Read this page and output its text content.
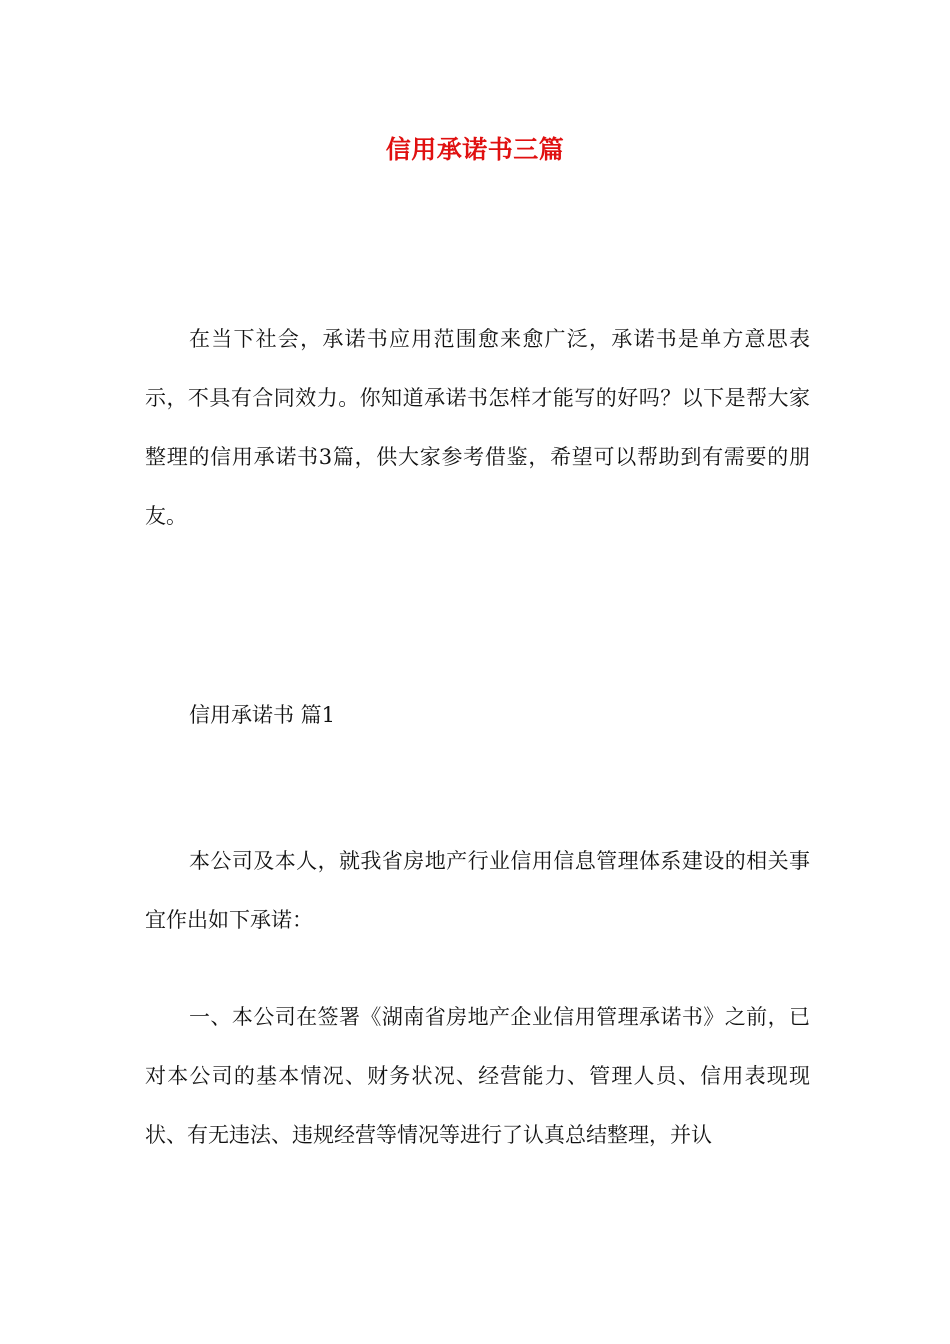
信用承诺书三篇

在当下社会，承诺书应用范围愈来愈广泛，承诺书是单方意思表示，不具有合同效力。你知道承诺书怎样才能写的好吗？以下是帮大家整理的信用承诺书3篇，供大家参考借鉴，希望可以帮助到有需要的朋友。

信用承诺书 篇1

本公司及本人，就我省房地产行业信用信息管理体系建设的相关事宜作出如下承诺：

一、本公司在签署《湖南省房地产企业信用管理承诺书》之前，已对本公司的基本情况、财务状况、经营能力、管理人员、信用表现现状、有无违法、违规经营等情况等进行了认真总结整理，并认
